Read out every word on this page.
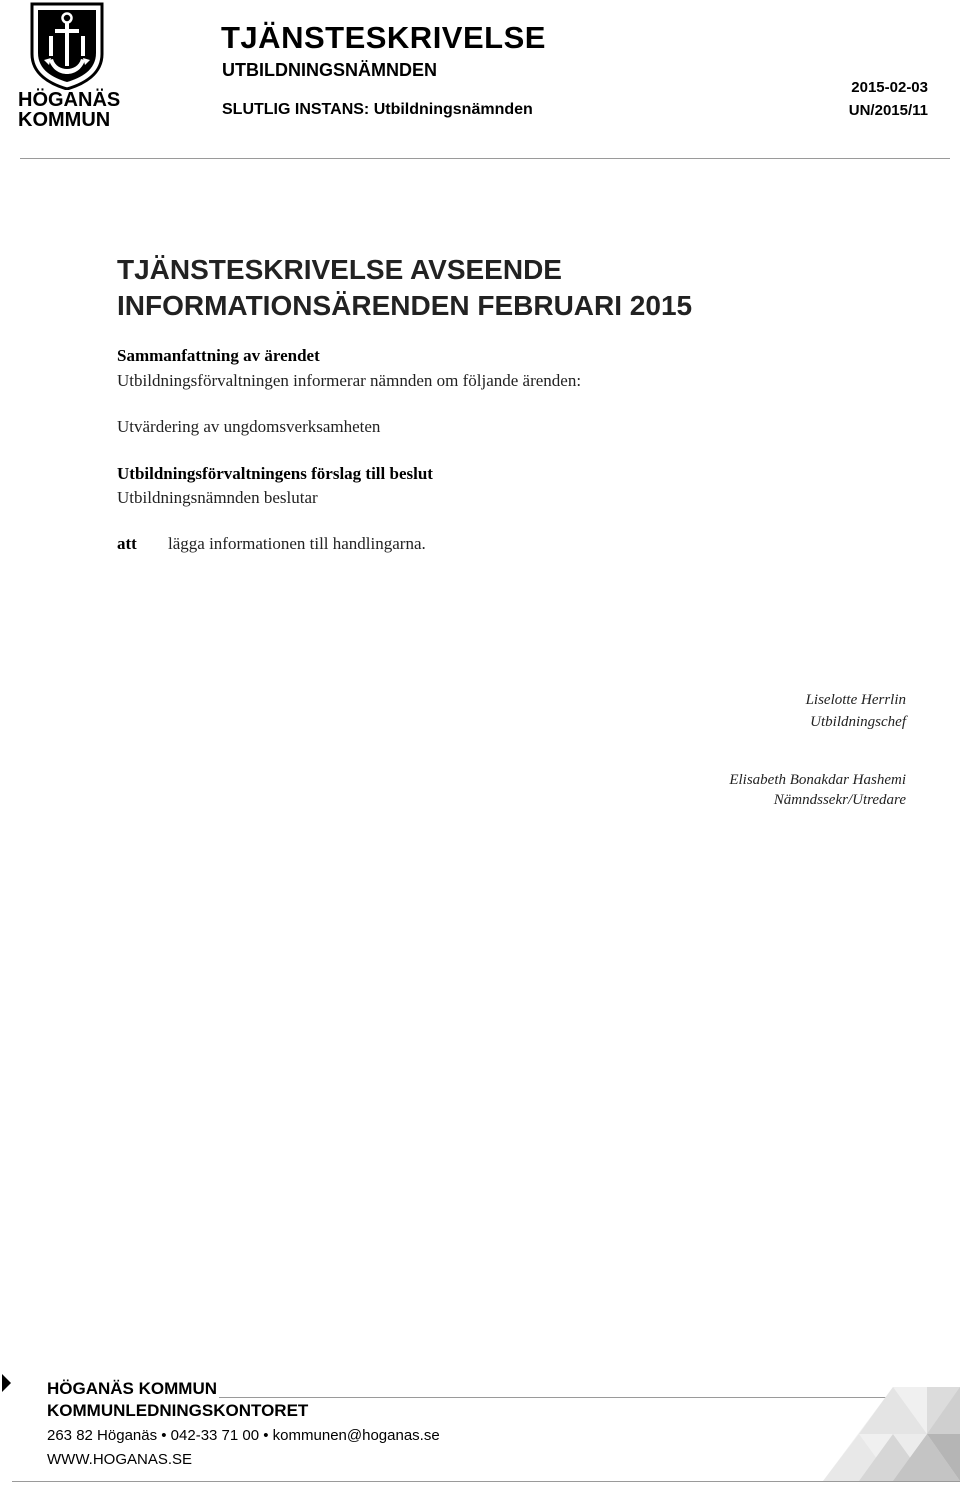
HÖGANÄS
KOMMUN
TJÄNSTESKRIVELSE
UTBILDNINGSNÄMNDEN
SLUTLIG INSTANS: Utbildningsnämnden
2015-02-03
UN/2015/11
TJÄNSTESKRIVELSE AVSEENDE INFORMATIONSÄRENDEN FEBRUARI 2015
Sammanfattning av ärendet
Utbildningsförvaltningen informerar nämnden om följande ärenden:
Utvärdering av ungdomsverksamheten
Utbildningsförvaltningens förslag till beslut
Utbildningsnämnden beslutar
att lägga informationen till handlingarna.
Liselotte Herrlin
Utbildningschef
Elisabeth Bonakdar Hashemi
Nämndssekr/Utredare
HÖGANÄS KOMMUN
KOMMUNLEDNINGSKONTORET
263 82 Höganäs • 042-33 71 00 • kommunen@hoganas.se
WWW.HOGANAS.SE
